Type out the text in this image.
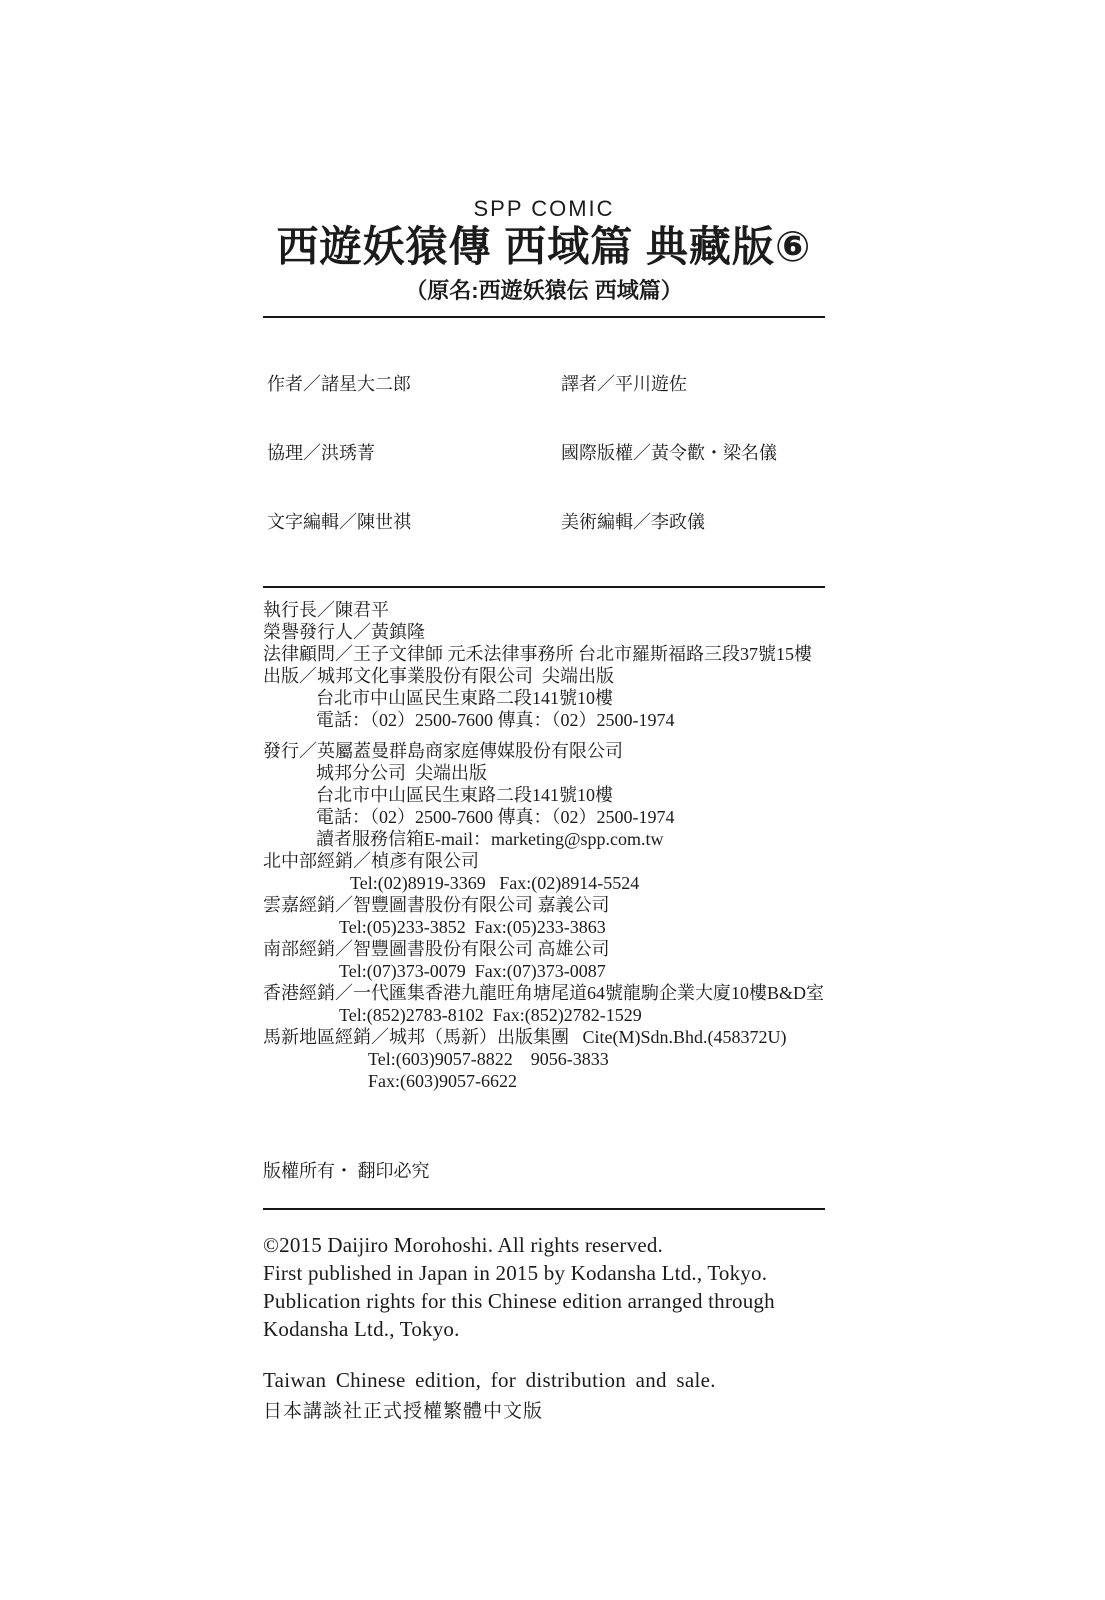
SPP COMIC
西遊妖猿傳 西域篇 典藏版⑥
（原名:西遊妖猿伝 西域篇）

作者／諸星大二郎

協理／洪琇菁

文字編輯／陳世祺

譯者／平川遊佐

國際版權／黃令歡・梁名儀

美術編輯／李政儀

執行長／陳君平
榮譽發行人／黃鎮隆
法律顧問／王子文律師 元禾法律事務所 台北市羅斯福路三段37號15樓
出版／城邦文化事業股份有限公司  尖端出版
台北市中山區民生東路二段141號10樓
電話：（02）2500-7600 傳真：（02）2500-1974
發行／英屬蓋曼群島商家庭傳媒股份有限公司
城邦分公司  尖端出版
台北市中山區民生東路二段141號10樓
電話：（02）2500-7600 傳真：（02）2500-1974
讀者服務信箱E-mail：marketing@spp.com.tw
北中部經銷／楨彥有限公司
Tel:(02)8919-3369   Fax:(02)8914-5524
雲嘉經銷／智豐圖書股份有限公司 嘉義公司
Tel:(05)233-3852  Fax:(05)233-3863
南部經銷／智豐圖書股份有限公司 高雄公司
Tel:(07)373-0079  Fax:(07)373-0087
香港經銷／一代匯集香港九龍旺角塘尾道64號龍駒企業大廈10樓B&D室
Tel:(852)2783-8102  Fax:(852)2782-1529
馬新地區經銷／城邦（馬新）出版集團   Cite(M)Sdn.Bhd.(458372U)
Tel:(603)9057-8822    9056-3833
Fax:(603)9057-6622
版權所有・ 翻印必究
©2015 Daijiro Morohoshi. All rights reserved.
First published in Japan in 2015 by Kodansha Ltd., Tokyo.
Publication rights for this Chinese edition arranged through
Kodansha Ltd., Tokyo.
Taiwan Chinese edition, for distribution and sale.
日本講談社正式授權繁體中文版
